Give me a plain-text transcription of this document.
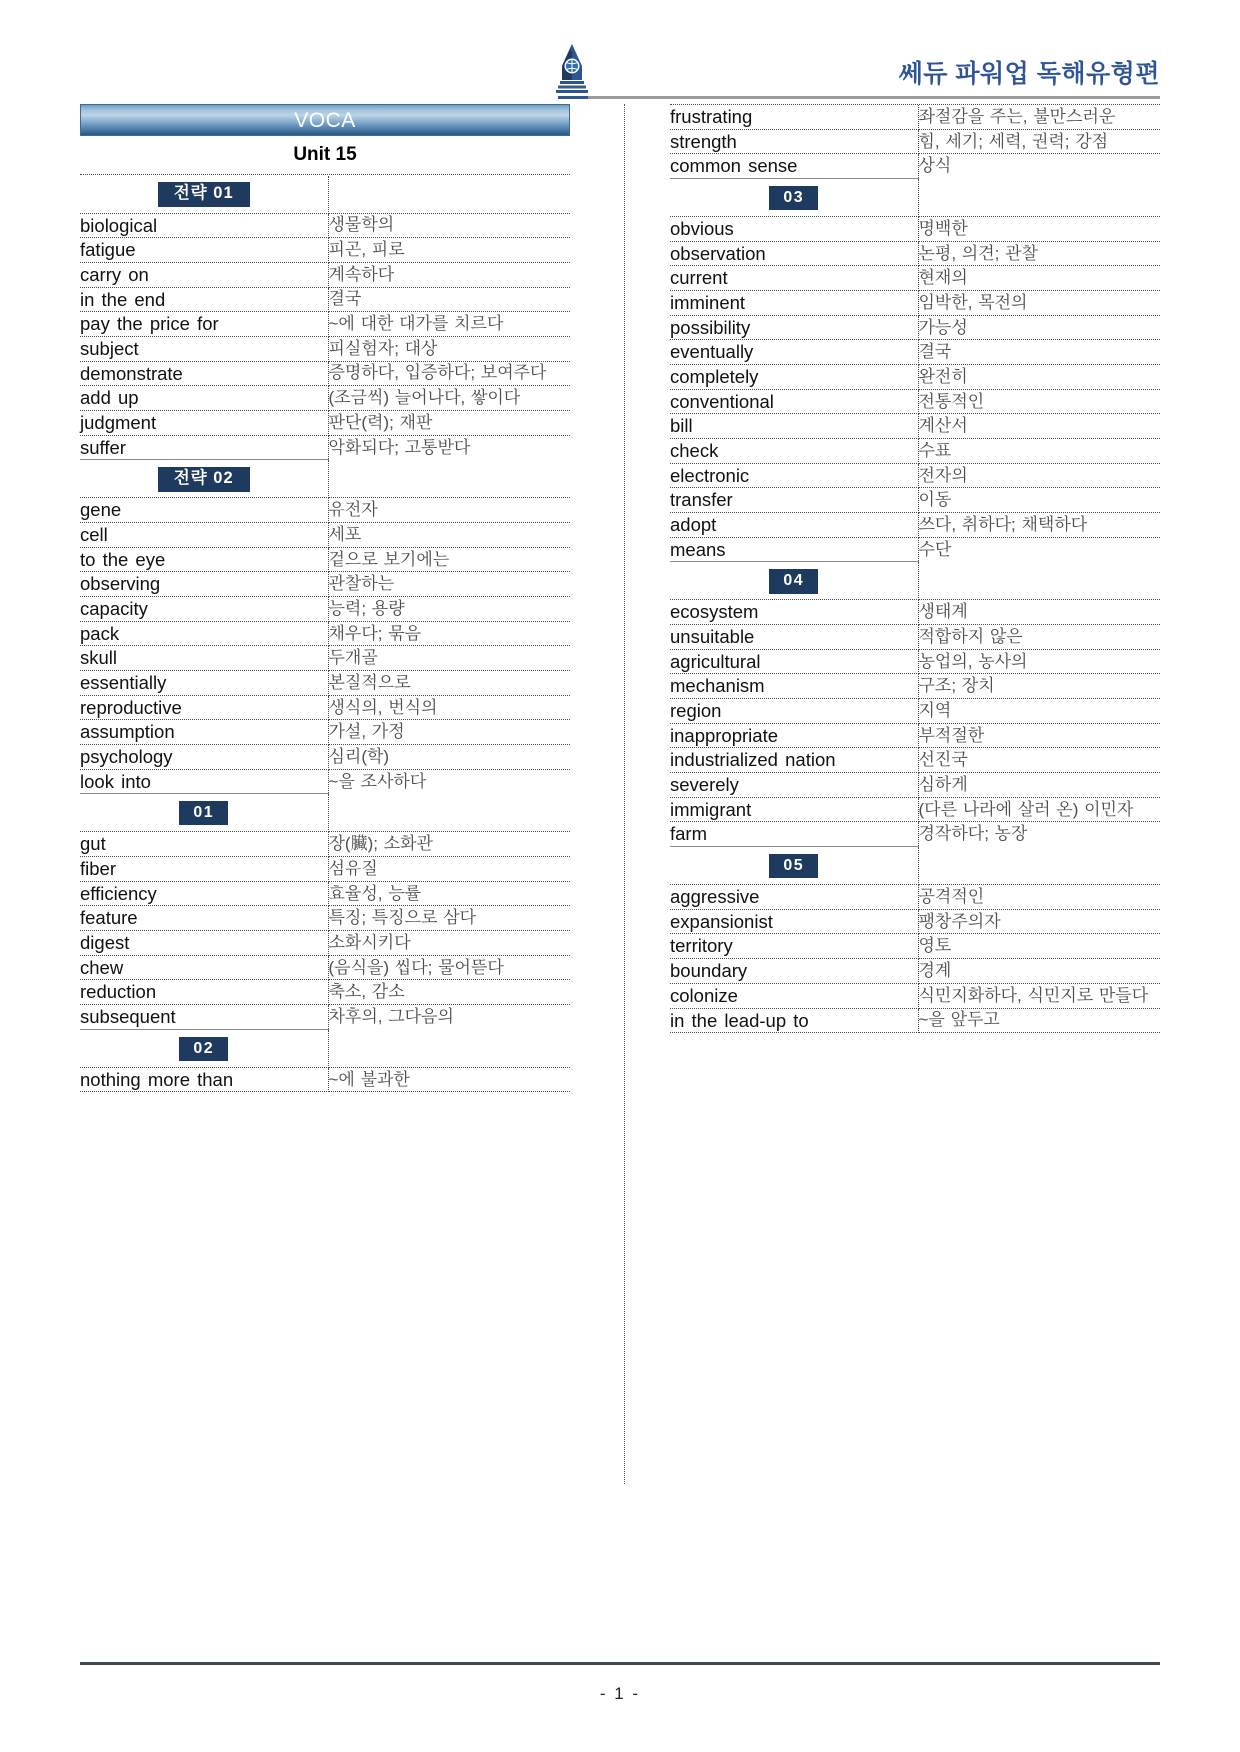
쎄듀 파워업 독해유형편
VOCA
Unit 15
전략 01	
biological	생물학의
fatigue	피곤, 피로
carry on	계속하다
in the end	결국
pay the price for	~에 대한 대가를 치르다
subject	피실험자; 대상
demonstrate	증명하다, 입증하다; 보여주다
add up	(조금씩) 늘어나다, 쌓이다
judgment	판단(력); 재판
suffer	악화되다; 고통받다
전략 02	
gene	유전자
cell	세포
to the eye	겉으로 보기에는
observing	관찰하는
capacity	능력; 용량
pack	채우다; 묶음
skull	두개골
essentially	본질적으로
reproductive	생식의, 번식의
assumption	가설, 가정
psychology	심리(학)
look into	~을 조사하다
01	
gut	장(臟); 소화관
fiber	섬유질
efficiency	효율성, 능률
feature	특징; 특징으로 삼다
digest	소화시키다
chew	(음식을) 씹다; 물어뜯다
reduction	축소, 감소
subsequent	차후의, 그다음의
02	
nothing more than	~에 불과한
frustrating	좌절감을 주는, 불만스러운
strength	힘, 세기; 세력, 권력; 강점
common sense	상식
03	
obvious	명백한
observation	논평, 의견; 관찰
current	현재의
imminent	임박한, 목전의
possibility	가능성
eventually	결국
completely	완전히
conventional	전통적인
bill	계산서
check	수표
electronic	전자의
transfer	이동
adopt	쓰다, 취하다; 채택하다
means	수단
04	
ecosystem	생태계
unsuitable	적합하지 않은
agricultural	농업의, 농사의
mechanism	구조; 장치
region	지역
inappropriate	부적절한
industrialized nation	선진국
severely	심하게
immigrant	(다른 나라에 살러 온) 이민자
farm	경작하다; 농장
05	
aggressive	공격적인
expansionist	팽창주의자
territory	영토
boundary	경계
colonize	식민지화하다, 식민지로 만들다
in the lead-up to	~을 앞두고
- 1 -
